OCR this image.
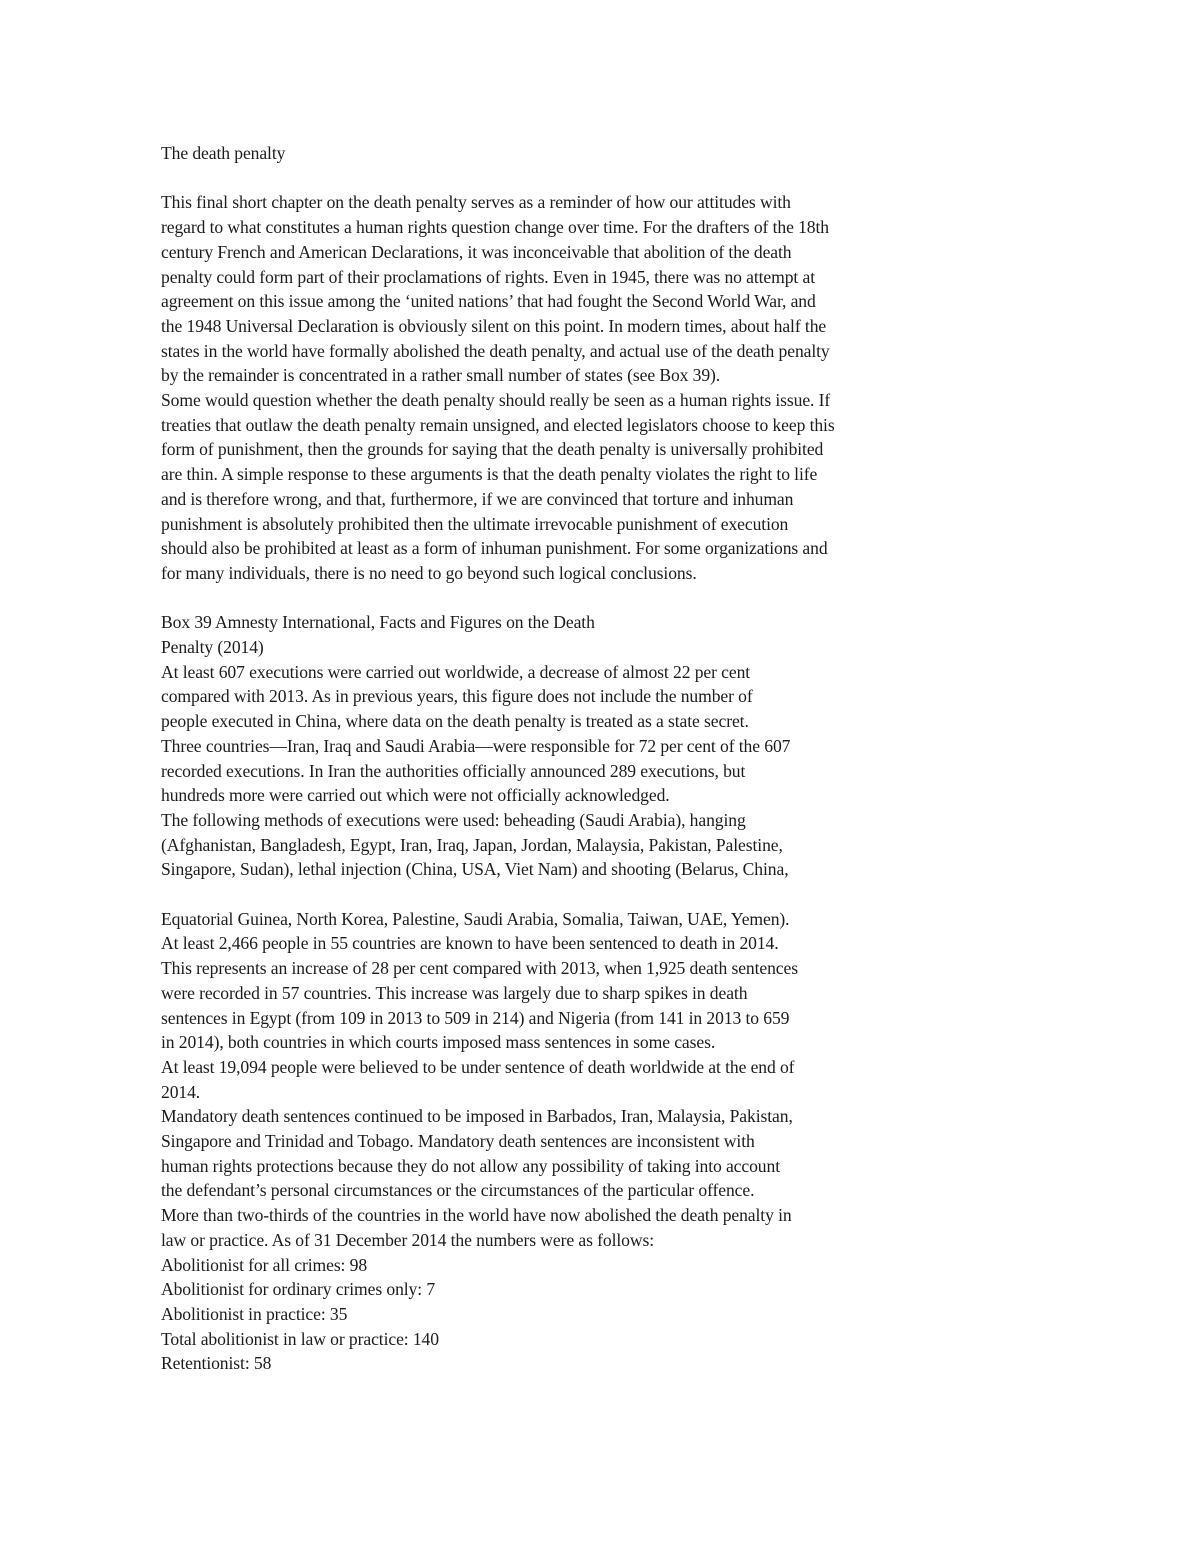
The death penalty
This final short chapter on the death penalty serves as a reminder of how our attitudes with
regard to what constitutes a human rights question change over time. For the drafters of the 18th
century French and American Declarations, it was inconceivable that abolition of the death
penalty could form part of their proclamations of rights. Even in 1945, there was no attempt at
agreement on this issue among the ‘united nations’ that had fought the Second World War, and
the 1948 Universal Declaration is obviously silent on this point. In modern times, about half the
states in the world have formally abolished the death penalty, and actual use of the death penalty
by the remainder is concentrated in a rather small number of states (see Box 39).
Some would question whether the death penalty should really be seen as a human rights issue. If
treaties that outlaw the death penalty remain unsigned, and elected legislators choose to keep this
form of punishment, then the grounds for saying that the death penalty is universally prohibited
are thin. A simple response to these arguments is that the death penalty violates the right to life
and is therefore wrong, and that, furthermore, if we are convinced that torture and inhuman
punishment is absolutely prohibited then the ultimate irrevocable punishment of execution
should also be prohibited at least as a form of inhuman punishment. For some organizations and
for many individuals, there is no need to go beyond such logical conclusions.
Box 39 Amnesty International, Facts and Figures on the Death
Penalty (2014)
At least 607 executions were carried out worldwide, a decrease of almost 22 per cent
compared with 2013. As in previous years, this figure does not include the number of
people executed in China, where data on the death penalty is treated as a state secret.
Three countries—Iran, Iraq and Saudi Arabia—were responsible for 72 per cent of the 607
recorded executions. In Iran the authorities officially announced 289 executions, but
hundreds more were carried out which were not officially acknowledged.
The following methods of executions were used: beheading (Saudi Arabia), hanging
(Afghanistan, Bangladesh, Egypt, Iran, Iraq, Japan, Jordan, Malaysia, Pakistan, Palestine,
Singapore, Sudan), lethal injection (China, USA, Viet Nam) and shooting (Belarus, China,
Equatorial Guinea, North Korea, Palestine, Saudi Arabia, Somalia, Taiwan, UAE, Yemen).
At least 2,466 people in 55 countries are known to have been sentenced to death in 2014.
This represents an increase of 28 per cent compared with 2013, when 1,925 death sentences
were recorded in 57 countries. This increase was largely due to sharp spikes in death
sentences in Egypt (from 109 in 2013 to 509 in 214) and Nigeria (from 141 in 2013 to 659
in 2014), both countries in which courts imposed mass sentences in some cases.
At least 19,094 people were believed to be under sentence of death worldwide at the end of
2014.
Mandatory death sentences continued to be imposed in Barbados, Iran, Malaysia, Pakistan,
Singapore and Trinidad and Tobago. Mandatory death sentences are inconsistent with
human rights protections because they do not allow any possibility of taking into account
the defendant’s personal circumstances or the circumstances of the particular offence.
More than two-thirds of the countries in the world have now abolished the death penalty in
law or practice. As of 31 December 2014 the numbers were as follows:
Abolitionist for all crimes: 98
Abolitionist for ordinary crimes only: 7
Abolitionist in practice: 35
Total abolitionist in law or practice: 140
Retentionist: 58
